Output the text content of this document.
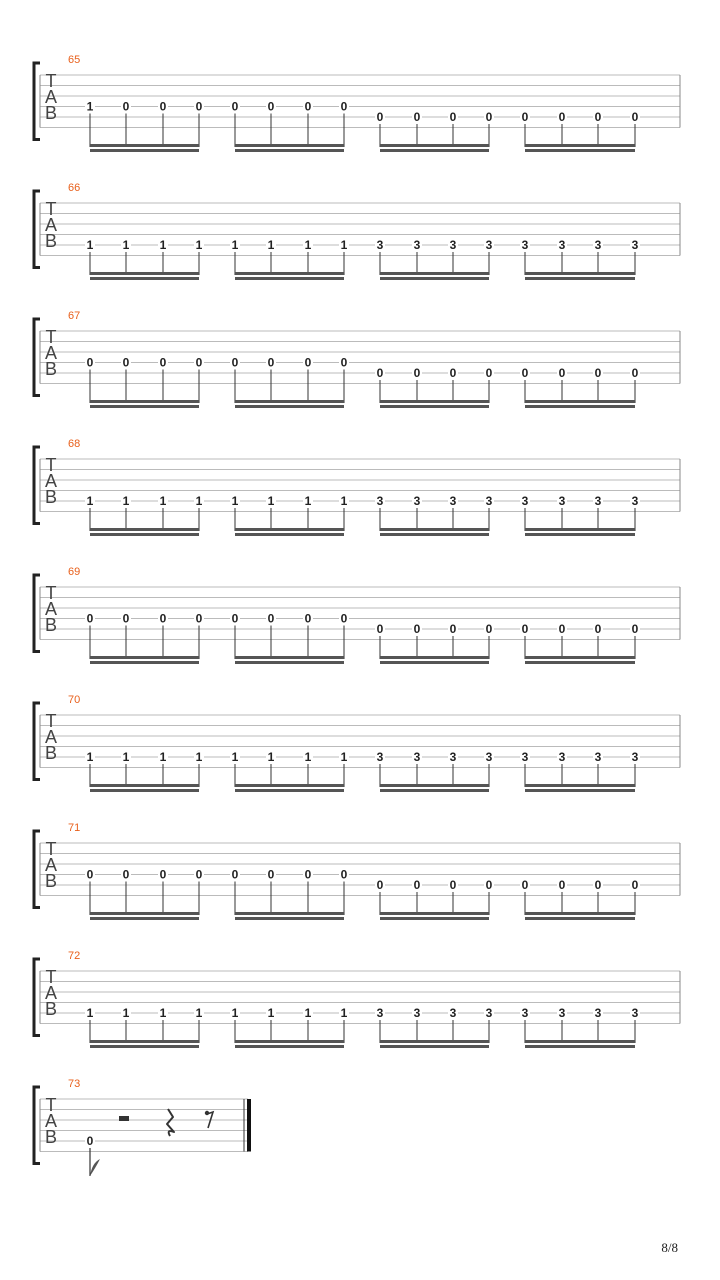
65
T
A
B 1 0	0 0 0 0	0 0
0	0 0 0 0	0 0	0
66
T
A
B 1 1	1 1 1 1	1 1 3	3 3 3 3	3 3	3
67
T
A
B 0 0	0 0 0 0	0 0
0	0 0 0 0	0 0	0
68
T
A
B 1 1	1 1 1 1	1 1 3	3 3 3 3	3 3	3
69
T
A
B 0 0	0 0 0 0	0 0
0	0 0 0 0	0 0	0
70
T
A
B 1 1	1 1 1 1	1 1 3	3 3 3 3	3 3	3
71
T
A
B 0 0	0 0 0 0	0 0
0	0 0 0 0	0 0	0
72
T
A
B 1 1	1 1 1 1	1 1 3	3 3 3 3	3 3	3
73
T
A
B 0
8/8
